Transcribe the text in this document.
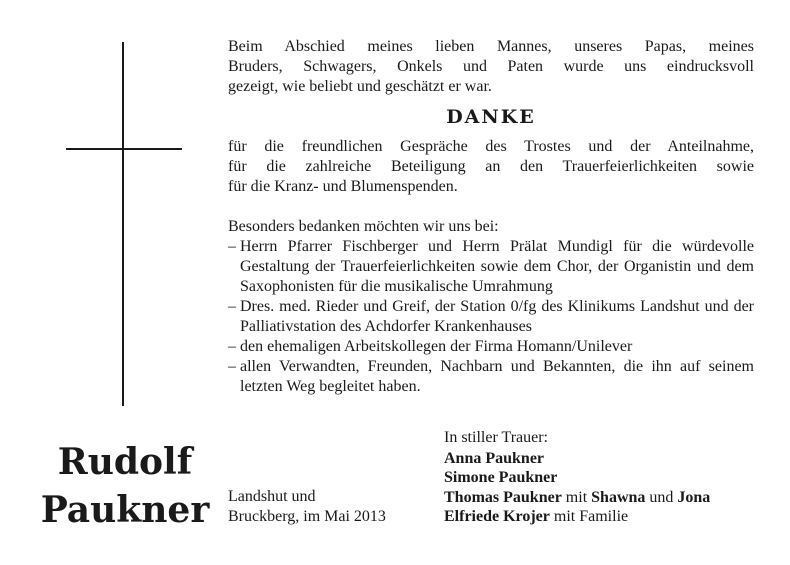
Rudolf
Paukner

Beim Abschied meines lieben Mannes, unseres Papas, meines

Bruders, Schwagers, Onkels und Paten wurde uns eindrucksvoll

gezeigt, wie beliebt und geschätzt er war.

DANKE

für die freundlichen Gespräche des Trostes und der Anteilnahme,

für die zahlreiche Beteiligung an den Trauerfeierlichkeiten sowie

für die Kranz- und Blumenspenden.

Besonders bedanken möchten wir uns bei:
– Herrn Pfarrer Fischberger und Herrn Prälat Mundigl für die würdevolle Gestaltung der Trauerfeierlichkeiten sowie dem Chor, der Organistin und dem Saxophonisten für die musikalische Umrahmung
– Dres. med. Rieder und Greif, der Station 0/fg des Klinikums Landshut und der Palliativstation des Achdorfer Krankenhauses
– den ehemaligen Arbeitskollegen der Firma Homann/Unilever
– allen Verwandten, Freunden, Nachbarn und Bekannten, die ihn auf seinem letzten Weg begleitet haben.
Landshut und
Bruckberg, im Mai 2013
In stiller Trauer:
Anna Paukner
Simone Paukner
Thomas Paukner mit Shawna und Jona
Elfriede Krojer mit Familie
